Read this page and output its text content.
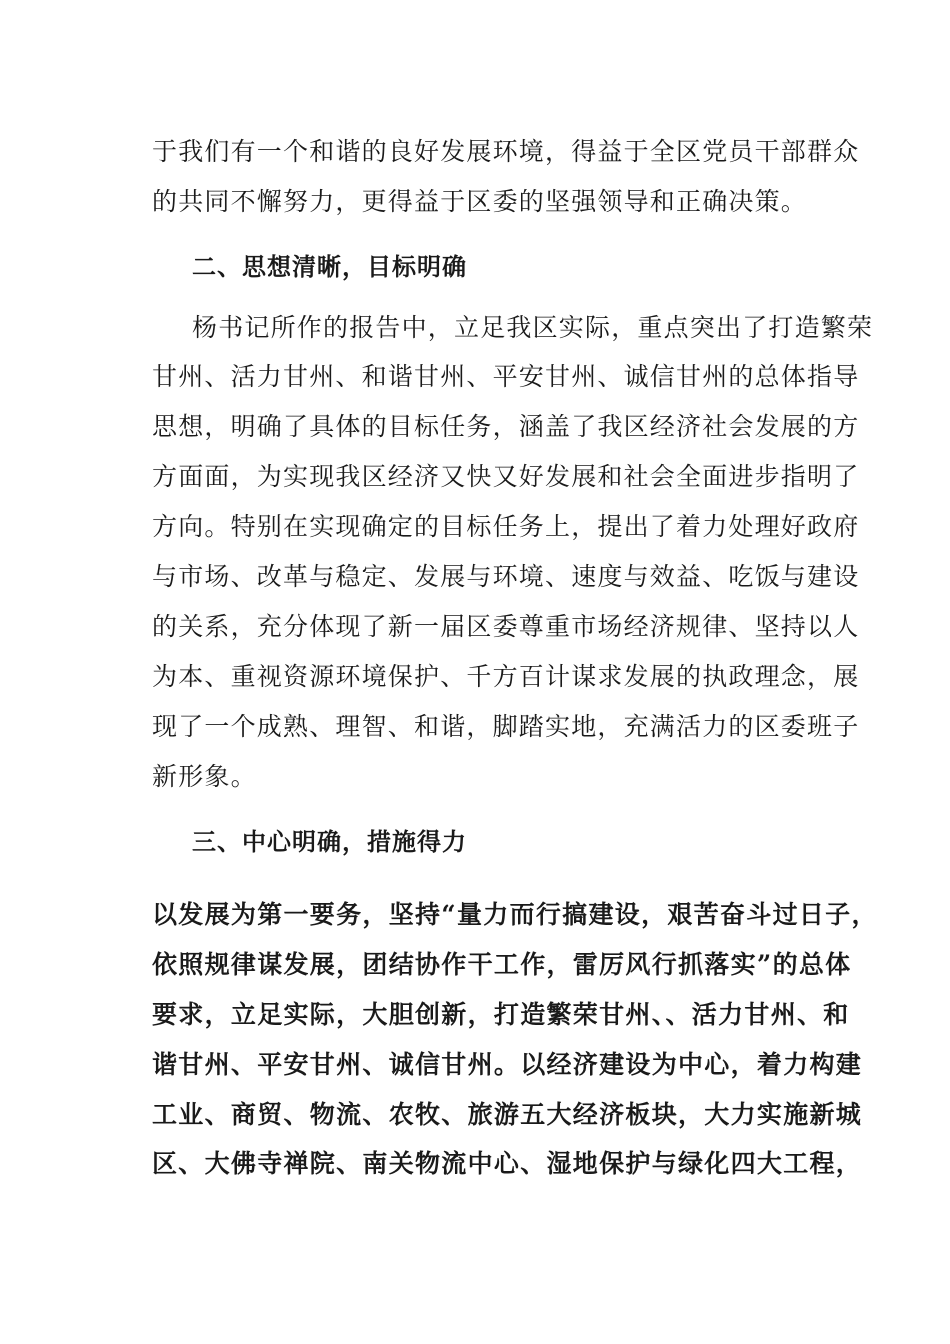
于我们有一个和谐的良好发展环境，得益于全区党员干部群众
的共同不懈努力，更得益于区委的坚强领导和正确决策。
二、思想清晰，目标明确
杨书记所作的报告中，立足我区实际，重点突出了打造繁荣
甘州、活力甘州、和谐甘州、平安甘州、诚信甘州的总体指导
思想，明确了具体的目标任务，涵盖了我区经济社会发展的方
方面面，为实现我区经济又快又好发展和社会全面进步指明了
方向。特别在实现确定的目标任务上，提出了着力处理好政府
与市场、改革与稳定、发展与环境、速度与效益、吃饭与建设
的关系，充分体现了新一届区委尊重市场经济规律、坚持以人
为本、重视资源环境保护、千方百计谋求发展的执政理念，展
现了一个成熟、理智、和谐，脚踏实地，充满活力的区委班子
新形象。
三、中心明确，措施得力
以发展为第一要务，坚持“量力而行搞建设，艰苦奋斗过日子，
依照规律谋发展，团结协作干工作，雷厉风行抓落实”的总体
要求，立足实际，大胆创新，打造繁荣甘州、、活力甘州、和
谐甘州、平安甘州、诚信甘州。以经济建设为中心，着力构建
工业、商贸、物流、农牧、旅游五大经济板块，大力实施新城
区、大佛寺禅院、南关物流中心、湿地保护与绿化四大工程，
